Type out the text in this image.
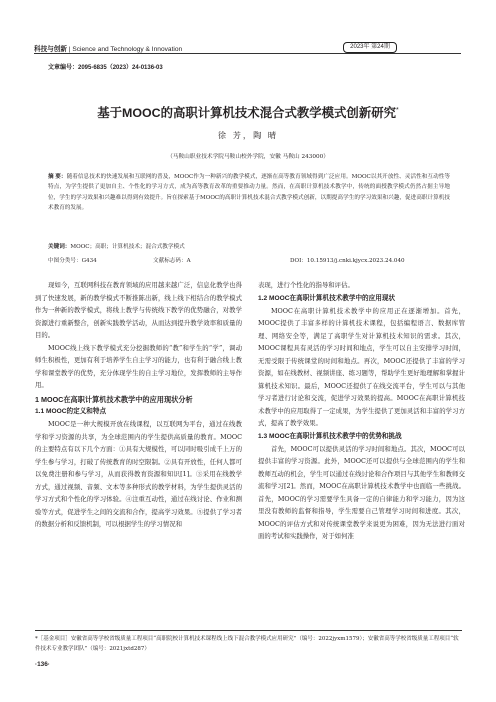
科技与创新 | Science and Technology & Innovation	2023年 第24期
文章编号：2095-6835（2023）24-0136-03
基于MOOC的高职计算机技术混合式教学模式创新研究*
徐 芳，陶 晴
（马鞍山职业技术学院马鞍山校外学院，安徽 马鞍山 243000）
摘 要：随着信息技术的快速发展和互联网的普及，MOOC作为一种新兴的教学模式，逐渐在高等教育领域得到广泛应用。MOOC以其开放性、灵活性和互动性等特点，为学生提供了更加自主、个性化的学习方式，成为高等教育改革的重要推动力量。然而，在高职计算机技术教学中，传统的面授教学模式仍然占据主导地位，学生的学习效果和兴趣难以得到有效提升。旨在探索基于MOOC的高职计算机技术混合式教学模式创新，以期提高学生的学习效果和兴趣，促进高职计算机技术教育的发展。
关键词：MOOC；高职；计算机技术；混合式教学模式
中图分类号：G434	文献标志码：A	DOI：10.15913/j.cnki.kjycx.2023.24.040

现如今，互联网科技在教育领域的应用越来越广泛，信息化教学也得到了快速发展，新的教学模式不断推陈出新，线上线下相结合的教学模式作为一种新的教学模式，将线上教学与传统线下教学的优势融合，对教学资源进行重新整合，创新实践教学活动，从而达到提升教学效率和质量的目的。

MOOC线上线下教学模式充分挖掘教师的“教”和学生的“学”，调动师生积极性，更加有利于培养学生自主学习的能力，也有利于融合线上教学和课堂教学的优势，充分体现学生的自主学习地位，发挥教师的主导作用。

1 MOOC在高职计算机技术教学中的应用现状分析
1.1 MOOC的定义和特点

MOOC是一种大规模开放在线课程，以互联网为平台，通过在线教学和学习资源的共享，为全球范围内的学生提供高质量的教育。MOOC的主要特点有以下几个方面：①具有大规模性，可以同时吸引成千上万的学生参与学习，打破了传统教育的时空限制。②具有开放性，任何人都可以免费注册和参与学习，从而获得教育资源和知识[1]。③采用在线教学方式，通过视频、音频、文本等多种形式的教学材料，为学生提供灵活的学习方式和个性化的学习体验。④注重互动性，通过在线讨论、作业和测验等方式，促进学生之间的交流和合作，提高学习效果。⑤提供了学习者的数据分析和反馈机制，可以根据学生的学习情况和

表现，进行个性化的指导和评估。

1.2 MOOC在高职计算机技术教学中的应用现状

MOOC在高职计算机技术教学中的应用正在逐渐增加。首先，MOOC提供了丰富多样的计算机技术课程，包括编程语言、数据库管理、网络安全等，满足了高职学生对计算机技术知识的需求。其次，MOOC课程具有灵活的学习时间和地点，学生可以自主安排学习时间，无需受限于传统课堂的时间和地点。再次，MOOC还提供了丰富的学习资源，如在线教材、视频讲座、练习题等，帮助学生更好地理解和掌握计算机技术知识。最后，MOOC还提供了在线交流平台，学生可以与其他学习者进行讨论和交流，促进学习效果的提高。MOOC在高职计算机技术教学中的应用取得了一定成果，为学生提供了更加灵活和丰富的学习方式，提高了教学效果。

1.3 MOOC在高职计算机技术教学中的优势和挑战

首先，MOOC可以提供灵活的学习时间和地点。其次，MOOC可以提供丰富的学习资源。此外，MOOC还可以提供与全球范围内的学生和教师互动的机会，学生可以通过在线讨论和合作项目与其他学生和教师交流和学习[2]。然而，MOOC在高职计算机技术教学中也面临一些挑战。首先，MOOC的学习需要学生具备一定的自律能力和学习能力，因为这里没有教师的监督和指导，学生需要自己管理学习时间和进度。其次，MOOC的评估方式和对传统课堂教学来说更为困难，因为无法进行面对面的考试和实践操作，对于如何准

*［基金项目］安徽省高等学校省级质量工程项目“高职院校计算机技术课程线上线下混合教学模式应用研究”（编号：2022jyxm1579）；安徽省高等学校省级质量工程项目“软件技术专业教学团队”（编号：2021jxtd287）
·136·
